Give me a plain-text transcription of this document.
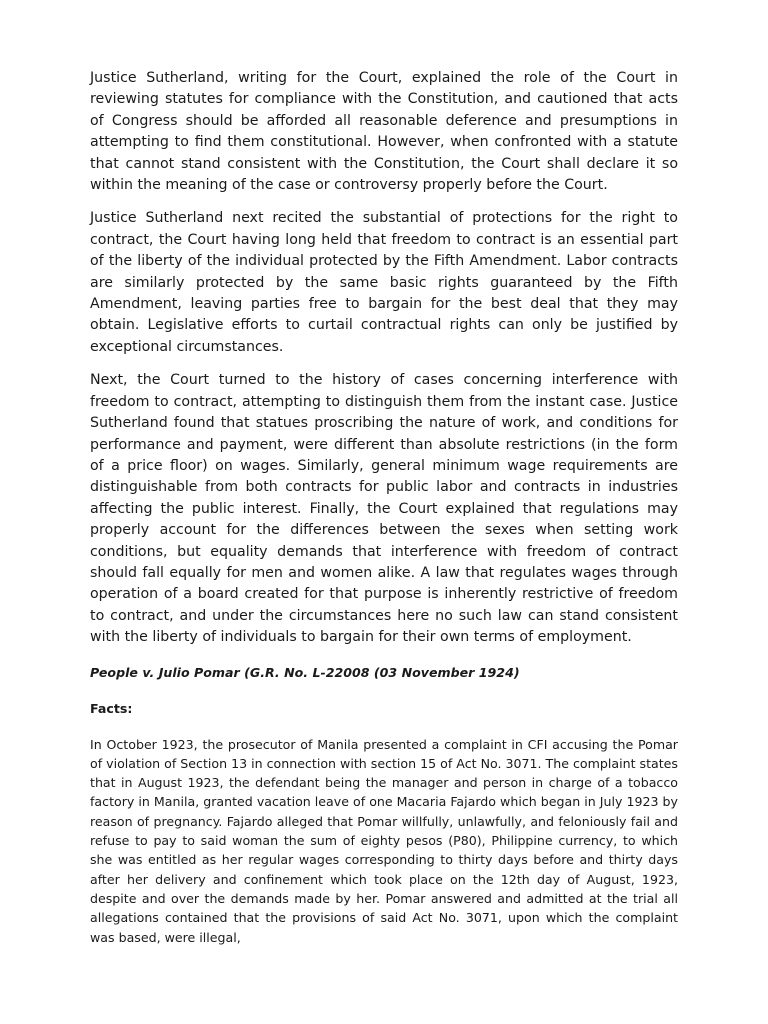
Justice Sutherland, writing for the Court, explained the role of the Court in reviewing statutes for compliance with the Constitution, and cautioned that acts of Congress should be afforded all reasonable deference and presumptions in attempting to find them constitutional. However, when confronted with a statute that cannot stand consistent with the Constitution, the Court shall declare it so within the meaning of the case or controversy properly before the Court.

Justice Sutherland next recited the substantial of protections for the right to contract, the Court having long held that freedom to contract is an essential part of the liberty of the individual protected by the Fifth Amendment. Labor contracts are similarly protected by the same basic rights guaranteed by the Fifth Amendment, leaving parties free to bargain for the best deal that they may obtain. Legislative efforts to curtail contractual rights can only be justified by exceptional circumstances.

Next, the Court turned to the history of cases concerning interference with freedom to contract, attempting to distinguish them from the instant case. Justice Sutherland found that statues proscribing the nature of work, and conditions for performance and payment, were different than absolute restrictions (in the form of a price floor) on wages. Similarly, general minimum wage requirements are distinguishable from both contracts for public labor and contracts in industries affecting the public interest. Finally, the Court explained that regulations may properly account for the differences between the sexes when setting work conditions, but equality demands that interference with freedom of contract should fall equally for men and women alike. A law that regulates wages through operation of a board created for that purpose is inherently restrictive of freedom to contract, and under the circumstances here no such law can stand consistent with the liberty of individuals to bargain for their own terms of employment.

People v. Julio Pomar (G.R. No. L-22008 (03 November 1924)
Facts:

In October 1923, the prosecutor of Manila presented a complaint in CFI accusing the Pomar of violation of Section 13 in connection with section 15 of Act No. 3071. The complaint states that in August 1923, the defendant being the manager and person in charge of a tobacco factory in Manila, granted vacation leave of one Macaria Fajardo which began in July 1923 by reason of pregnancy. Fajardo alleged that Pomar willfully, unlawfully, and feloniously fail and refuse to pay to said woman the sum of eighty pesos (P80), Philippine currency, to which she was entitled as her regular wages corresponding to thirty days before and thirty days after her delivery and confinement which took place on the 12th day of August, 1923, despite and over the demands made by her. Pomar answered and admitted at the trial all allegations contained that the provisions of said Act No. 3071, upon which the complaint was based, were illegal,
